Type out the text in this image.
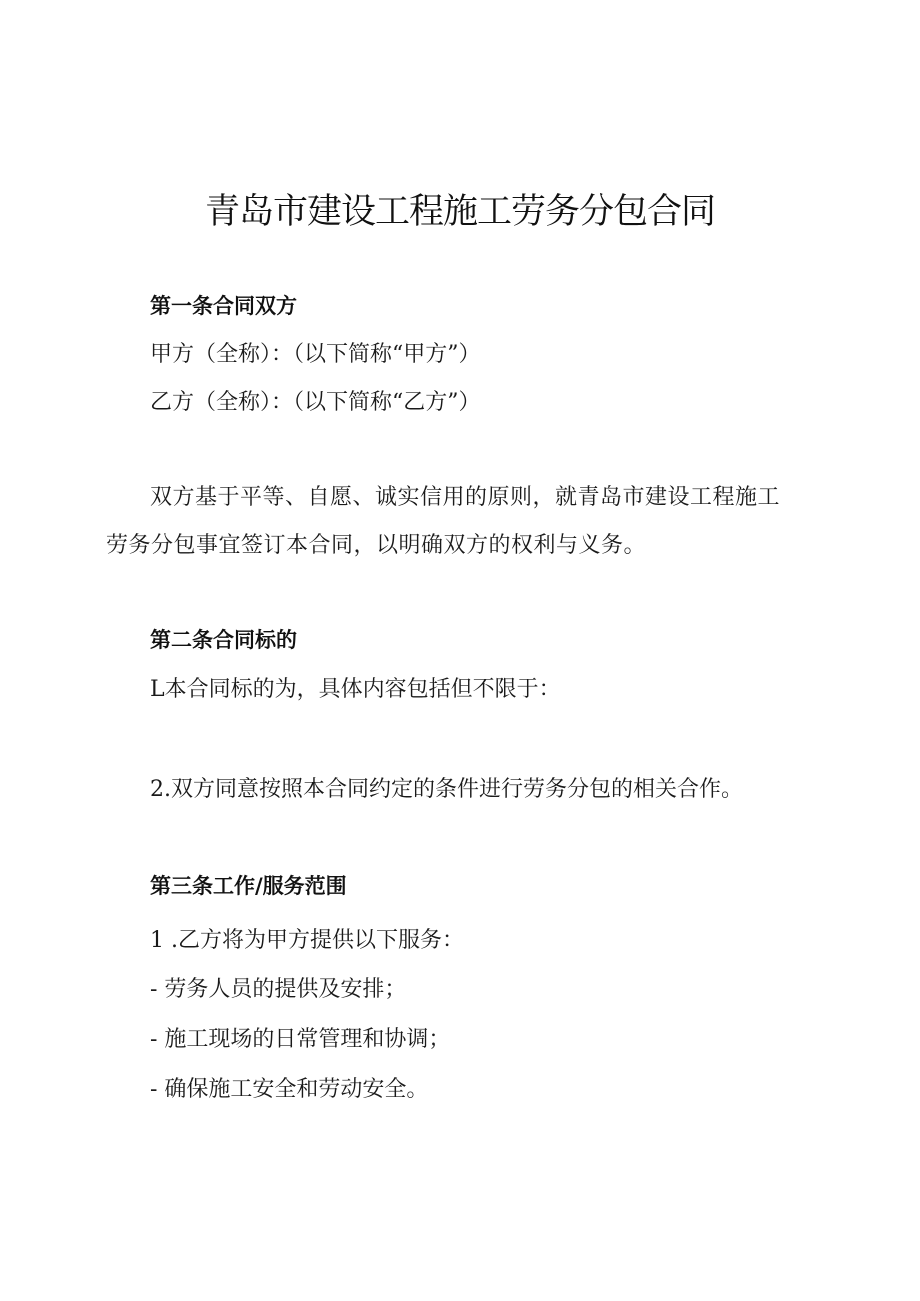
青岛市建设工程施工劳务分包合同
第一条合同双方
甲方（全称）：（以下简称“甲方”）
乙方（全称）：（以下简称“乙方”）
双方基于平等、自愿、诚实信用的原则，就青岛市建设工程施工
劳务分包事宜签订本合同，以明确双方的权利与义务。
第二条合同标的
L本合同标的为，具体内容包括但不限于：
2.双方同意按照本合同约定的条件进行劳务分包的相关合作。
第三条工作/服务范围
1 .乙方将为甲方提供以下服务：
- 劳务人员的提供及安排；
- 施工现场的日常管理和协调；
- 确保施工安全和劳动安全。
